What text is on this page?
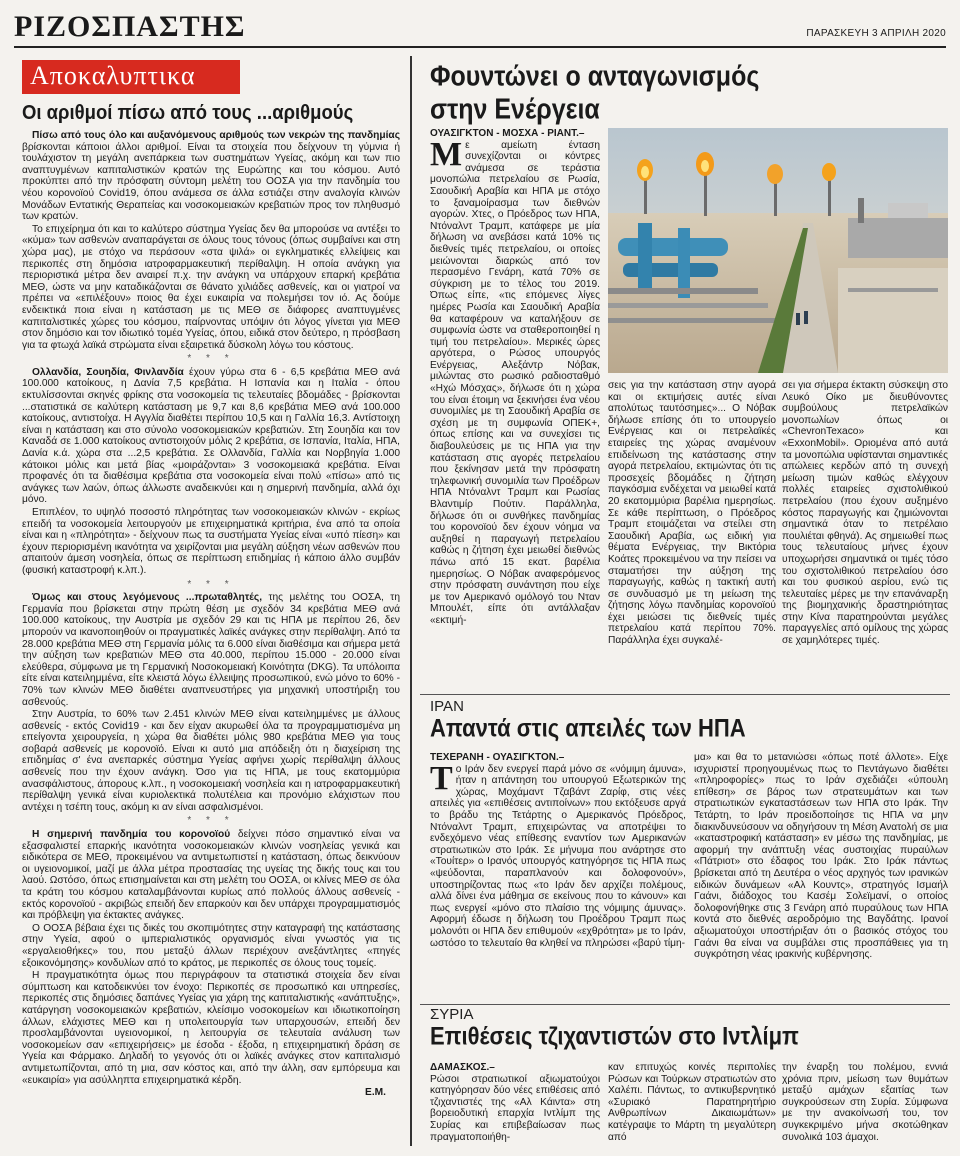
ΡΙΖΟΣΠΑΣΤΗΣ	ΠΑΡΑΣΚΕΥΗ 3 ΑΠΡΙΛΗ 2020
Αποκαλυπτικα
Οι αριθμοί πίσω από τους ...αριθμούς

Πίσω από τους όλο και αυξανόμενους αριθμούς των νεκρών της πανδημίας βρίσκονται κάποιοι άλλοι αριθμοί. Είναι τα στοιχεία που δείχνουν τη γύμνια ή τουλάχιστον τη μεγάλη ανεπάρκεια των συστημάτων Υγείας, ακόμη και των πιο αναπτυγμένων καπιταλιστικών κρατών της Ευρώπης και του κόσμου. Αυτό προκύπτει από την πρόσφατη σύντομη μελέτη του ΟΟΣΑ για την πανδημία του νέου κορονοϊού Covid19, όπου ανάμεσα σε άλλα εστιάζει στην αναλογία κλινών Μονάδων Εντατικής Θεραπείας και νοσοκομειακών κρεβατιών προς τον πληθυσμό των κρατών.

Το επιχείρημα ότι και το καλύτερο σύστημα Υγείας δεν θα μπορούσε να αντέξει το «κύμα» των ασθενών αναπαράγεται σε όλους τους τόνους (όπως συμβαίνει και στη χώρα μας), με στόχο να περάσουν «στα ψιλά» οι εγκληματικές ελλείψεις και περικοπές στη δημόσια ιατροφαρμακευτική περίθαλψη. Η οποία ανάγκη για περιοριστικά μέτρα δεν αναιρεί π.χ. την ανάγκη να υπάρχουν επαρκή κρεβάτια ΜΕΘ, ώστε να μην καταδικάζονται σε θάνατο χιλιάδες ασθενείς, και οι γιατροί να πρέπει να «επιλέξουν» ποιος θα έχει ευκαιρία να πολεμήσει τον ιό. Ας δούμε ενδεικτικά ποια είναι η κατάσταση με τις ΜΕΘ σε διάφορες αναπτυγμένες καπιταλιστικές χώρες του κόσμου, παίρνοντας υπόψιν ότι λόγος γίνεται για ΜΕΘ στον δημόσιο και τον ιδιωτικό τομέα Υγείας, όπου, ειδικά στον δεύτερο, η πρόσβαση για τα φτωχά λαϊκά στρώματα είναι εξαιρετικά δύσκολη λόγω του κόστους.

* * *

Ολλανδία, Σουηδία, Φινλανδία έχουν γύρω στα 6 - 6,5 κρεβάτια ΜΕΘ ανά 100.000 κατοίκους, η Δανία 7,5 κρεβάτια. Η Ισπανία και η Ιταλία - όπου εκτυλίσσονται σκηνές φρίκης στα νοσοκομεία τις τελευταίες βδομάδες - βρίσκονται ...στατιστικά σε καλύτερη κατάσταση με 9,7 και 8,6 κρεβάτια ΜΕΘ ανά 100.000 κατοίκους, αντιστοίχα. Η Αγγλία διαθέτει περίπου 10,5 και η Γαλλία 16,3. Αντίστοιχη είναι η κατάσταση και στο σύνολο νοσοκομειακών κρεβατιών. Στη Σουηδία και τον Καναδά σε 1.000 κατοίκους αντιστοιχούν μόλις 2 κρεβάτια, σε Ισπανία, Ιταλία, ΗΠΑ, Δανία κ.ά. χώρα στα ...2,5 κρεβάτια. Σε Ολλανδία, Γαλλία και Νορβηγία 1.000 κάτοικοι μόλις και μετά βίας «μοιράζονται» 3 νοσοκομειακά κρεβάτια. Είναι προφανές ότι τα διαθέσιμα κρεβάτια στα νοσοκομεία είναι πολύ «πίσω» από τις ανάγκες των λαών, όπως άλλωστε αναδεικνύει και η σημερινή πανδημία, αλλά όχι μόνο.

Επιπλέον, το υψηλό ποσοστό πληρότητας των νοσοκομειακών κλινών - εκρίως επειδή τα νοσοκομεία λειτουργούν με επιχειρηματικά κριτήρια, ένα από τα οποία είναι και η «πληρότητα» - δείχνουν πως τα συστήματα Υγείας είναι «υπό πίεση» και έχουν περιορισμένη ικανότητα να χειρίζονται μια μεγάλη αύξηση νέων ασθενών που απαιτούν άμεση νοσηλεία, όπως σε περίπτωση επιδημίας ή κάποιο άλλο συμβάν (φυσική καταστροφή κ.λπ.).

* * *

Όμως και στους λεγόμενους ...πρωταθλητές, της μελέτης του ΟΟΣΑ, τη Γερμανία που βρίσκεται στην πρώτη θέση με σχεδόν 34 κρεβάτια ΜΕΘ ανά 100.000 κατοίκους, την Αυστρία με σχεδόν 29 και τις ΗΠΑ με περίπου 26, δεν μπορούν να ικανοποιηθούν οι πραγματικές λαϊκές ανάγκες στην περίθαλψη. Από τα 28.000 κρεβάτια ΜΕΘ στη Γερμανία μόλις τα 6.000 είναι διαθέσιμα και σήμερα μετά την αύξηση των κρεβατιών ΜΕΘ στα 40.000, περίπου 15.000 - 20.000 είναι ελεύθερα, σύμφωνα με τη Γερμανική Νοσοκομειακή Κοινότητα (DKG). Τα υπόλοιπα είτε είναι κατειλημμένα, είτε κλειστά λόγω έλλειψης προσωπικού, ενώ μόνο το 60% - 70% των κλινών ΜΕΘ διαθέτει αναπνευστήρες για μηχανική υποστήριξη του ασθενούς.

Στην Αυστρία, το 60% των 2.451 κλινών ΜΕΘ είναι κατειλημμένες με άλλους ασθενείς - εκτός Covid19 - και δεν είχαν ακυρωθεί όλα τα προγραμματισμένα μη επείγοντα χειρουργεία, η χώρα θα διαθέτει μόλις 980 κρεβάτια ΜΕΘ για τους σοβαρά ασθενείς με κορονοϊό. Είναι κι αυτό μια απόδειξη ότι η διαχείριση της επιδημίας σ' ένα ανεπαρκές σύστημα Υγείας αφήνει χωρίς περίθαλψη άλλους ασθενείς που την έχουν ανάγκη. Όσο για τις ΗΠΑ, με τους εκατομμύρια ανασφάλιστους, άπορους κ.λπ., η νοσοκομειακή νοσηλεία και η ιατροφαρμακευτική περίθαλψη γενικά είναι κυριολεκτικά πολυτέλεια και προνόμιο ελάχιστων που αντέχει η τσέπη τους, ακόμη κι αν είναι ασφαλισμένοι.

* * *

Η σημερινή πανδημία του κορονοϊού δείχνει πόσο σημαντικό είναι να εξασφαλιστεί επαρκής ικανότητα νοσοκομειακών κλινών νοσηλείας γενικά και ειδικότερα σε ΜΕΘ, προκειμένου να αντιμετωπιστεί η κατάσταση, όπως δεικνύουν οι υγειονομικοί, μαζί με άλλα μέτρα προστασίας της υγείας της δικής τους και του λαού. Ωστόσο, όπως επισημαίνεται και στη μελέτη του ΟΟΣΑ, οι κλίνες ΜΕΘ σε όλα τα κράτη του κόσμου καταλαμβάνονται κυρίως από πολλούς άλλους ασθενείς - εκτός κορονοϊού - ακριβώς επειδή δεν επαρκούν και δεν υπάρχει προγραμματισμός και πρόβλεψη για έκτακτες ανάγκες.

Ο ΟΟΣΑ βέβαια έχει τις δικές του σκοπιμότητες στην καταγραφή της κατάστασης στην Υγεία, αφού ο ιμπεριαλιστικός οργανισμός είναι γνωστός για τις «εργαλειοθήκες» του, που μεταξύ άλλων περιέχουν ανεξάντλητες «πηγές εξοικονόμησης» κονδυλίων από το κράτος, με περικοπές σε όλους τους τομείς.

Η πραγματικότητα όμως που περιγράφουν τα στατιστικά στοιχεία δεν είναι σύμπτωση και κατοδεικνύει τον ένοχο: Περικοπές σε προσωπικό και υπηρεσίες, περικοπές στις δημόσιες δαπάνες Υγείας για χάρη της καπιταλιστικής «ανάπτυξης», κατάργηση νοσοκομειακών κρεβατιών, κλείσιμο νοσοκομείων και ιδιωτικοποίηση άλλων, ελάχιστες ΜΕΘ και η υπολειτουργία των υπαρχουσών, επειδή δεν προσλαμβάνονται υγειονομικοί, η λειτουργία σε τελευταία ανάλυση των νοσοκομείων σαν «επιχειρήσεις» με έσοδα - έξοδα, η επιχειρηματική δράση σε Υγεία και Φάρμακο. Δηλαδή το γεγονός ότι οι λαϊκές ανάγκες στον καπιταλισμό αντιμετωπίζονται, από τη μια, σαν κόστος και, από την άλλη, σαν εμπόρευμα και «ευκαιρία» για ασύλληπτα επιχειρηματικά κέρδη.

Ε.Μ.
Φουντώνει ο ανταγωνισμός
στην Ενέργεια
ΟΥΑΣΙΓΚΤΟΝ - ΜΟΣΧΑ - ΡΙΑΝΤ.–
Μ ε αμείωτη ένταση συνεχίζονται οι κόντρες ανάμεσα σε τεράστια μονοπώλια πετρελαίου σε Ρωσία, Σαουδική Αραβία και ΗΠΑ με στόχο το ξαναμοίρασμα των διεθνών αγορών. Χτες, ο Πρόεδρος των ΗΠΑ, Ντόναλντ Τραμπ, κατάφερε με μία δήλωση να ανεβάσει κατά 10% τις διεθνείς τιμές πετρελαίου, οι οποίες μειώνονται διαρκώς από τον περασμένο Γενάρη, κατά 70% σε σύγκριση με το τέλος του 2019. Όπως είπε, «τις επόμενες λίγες ημέρες Ρωσία και Σαουδική Αραβία θα καταφέρουν να καταλήξουν σε συμφωνία ώστε να σταθεροποιηθεί η τιμή του πετρελαίου». Μερικές ώρες αργότερα, ο Ρώσος υπουργός Ενέργειας, Αλεξάντρ Νόβακ, μιλώντας στο ρωσικό ραδιοσταθμό «Ηχώ Μόσχας», δήλωσε ότι η χώρα του είναι έτοιμη να ξεκινήσει ένα νέου συνομιλίες με τη Σαουδική Αραβία σε σχέση με τη συμφωνία ΟΠΕΚ+, όπως επίσης και να συνεχίσει τις διαβουλεύσεις με τις ΗΠΑ για την κατάσταση στις αγορές πετρελαίου που ξεκίνησαν μετά την πρόσφατη τηλεφωνική συνομιλία των Προέδρων ΗΠΑ Ντόναλντ Τραμπ και Ρωσίας Βλαντιμίρ Πούτιν. Παράλληλα, δήλωσε ότι οι συνθήκες πανδημίας του κορονοϊού δεν έχουν νόημα να αυξηθεί η παραγωγή πετρελαίου καθώς η ζήτηση έχει μειωθεί διεθνώς πάνω από 15 εκατ. βαρέλια ημερησίως. Ο Νόβακ αναφερόμενος στην πρόσφατη συνάντηση που είχε με τον Αμερικανό ομόλογό του Νταν Μπουλέτ, είπε ότι αντάλλαξαν «εκτιμή-
σεις για την κατάσταση στην αγορά και οι εκτιμήσεις αυτές είναι απολύτως ταυτόσημες»... Ο Νόβακ δήλωσε επίσης ότι το υπουργείο Ενέργειας και οι πετρελαϊκές εταιρείες της χώρας αναμένουν επιδείνωση της κατάστασης στην αγορά πετρελαίου, εκτιμώντας ότι τις προσεχείς βδομάδες η ζήτηση παγκόσμια ενδέχεται να μειωθεί κατά 20 εκατομμύρια βαρέλια ημερησίως. Σε κάθε περίπτωση, ο Πρόεδρος Τραμπ ετοιμάζεται να στείλει στη Σαουδική Αραβία, ως ειδική για θέματα Ενέργειας, την Βικτόρια Κοάτες προκειμένου να την πείσει να σταματήσει την αύξηση της παραγωγής, καθώς η τακτική αυτή σε συνδυασμό με τη μείωση της ζήτησης λόγω πανδημίας κορονοϊού έχει μειώσει τις διεθνείς τιμές πετρελαίου κατά περίπου 70%. Παράλληλα έχει συγκαλέ-
σει για σήμερα έκτακτη σύσκεψη στο Λευκό Οίκο με διευθύνοντες συμβούλους πετρελαϊκών μονοπωλίων όπως οι «ChevronTexaco» και «ExxonMobil». Οριομένα από αυτά τα μονοπώλια υφίστανται σημαντικές απώλειες κερδών από τη συνεχή μείωση τιμών καθώς ελέγχουν πολλές εταιρείες σχιστολιθικού πετρελαίου (που έχουν αυξημένο κόστος παραγωγής και ζημιώνονται σημαντικά όταν το πετρέλαιο πουλιέται φθηνά). Ας σημειωθεί πως τους τελευταίους μήνες έχουν υποχωρήσει σημαντικά οι τιμές τόσο του σχιστολιθικού πετρελαίου όσο και του φυσικού αερίου, ενώ τις τελευταίες μέρες με την επανάναρξη της βιομηχανικής δραστηριότητας στην Κίνα παρατηρούνται μεγάλες παραγγελίες από ομίλους της χώρας σε χαμηλότερες τιμές.
ΙΡΑΝ
Απαντά στις απειλές των ΗΠΑ
ΤΕΧΕΡΑΝΗ - ΟΥΑΣΙΓΚΤΟΝ.–
Τ ο Ιράν δεν ενεργεί παρά μόνο σε «νόμιμη άμυνα», ήταν η απάντηση του υπουργού Εξωτερικών της χώρας, Μοχάμαντ Τζαβάντ Ζαρίφ, στις νέες απειλές για «επιθέσεις αντιποίνων» που εκτόξευσε αργά το βράδυ της Τετάρτης ο Αμερικανός Πρόεδρος, Ντόναλντ Τραμπ, επιχειρώντας να αποτρέψει το ενδεχόμενο νέας επίθεσης εναντίον των Αμερικανών στρατιωτικών στο Ιράκ. Σε μήνυμα που ανάρτησε στο «Τουίτερ» ο Ιρανός υπουργός κατηγόρησε τις ΗΠΑ πως «ψεύδονται, παραπλανούν και δολοφονούν», υποστηρίζοντας πως «το Ιράν δεν αρχίζει πολέμους, αλλά δίνει ένα μάθημα σε εκείνους που το κάνουν» και πως ενεργεί «μόνο στο πλαίσιο της νόμιμης άμυνας». Αφορμή έδωσε η δήλωση του Προέδρου Τραμπ πως μολονότι οι ΗΠΑ δεν επιθυμούν «εχθρότητα» με το Ιράν, ωστόσο το τελευταίο θα κληθεί να πληρώσει «βαρύ τίμη-
μα» και θα το μετανιώσει «όπως ποτέ άλλοτε». Είχε ισχυριστεί προηγουμένως πως το Πεντάγωνο διαθέτει «πληροφορίες» πως το Ιράν σχεδιάζει «ύπουλη επίθεση» σε βάρος των στρατευμάτων και των στρατιωτικών εγκαταστάσεων των ΗΠΑ στο Ιράκ. Την Τετάρτη, το Ιράν προειδοποίησε τις ΗΠΑ να μην διακινδυνεύσουν να οδηγήσουν τη Μέση Ανατολή σε μια «καταστροφική κατάσταση» εν μέσω της πανδημίας, με αφορμή την ανάπτυξη νέας συστοιχίας πυραύλων «Πάτριοτ» στο έδαφος του Ιράκ. Στο Ιράκ πάντως βρίσκεται από τη Δευτέρα ο νέος αρχηγός των ιρανικών ειδικών δυνάμεων «Αλ Κουντς», στρατηγός Ισμαήλ Γαάνι, διάδοχος του Κασέμ Σολεϊμανί, ο οποίος δολοφονήθηκε στις 3 Γενάρη από πυραύλους των ΗΠΑ κοντά στο διεθνές αεροδρόμιο της Βαγδάτης. Ιρανοί αξιωματούχοι υποστήριξαν ότι ο βασικός στόχος του Γαάνι θα είναι να συμβάλει στις προσπάθειες για τη συγκρότηση νέας ιρακινής κυβέρνησης.
ΣΥΡΙΑ
Επιθέσεις τζιχαντιστών στο Ιντλίμπ
ΔΑΜΑΣΚΟΣ.–
Ρώσοι στρατιωτικοί αξιωματούχοι κατηγόρησαν δύο νέες επιθέσεις από τζιχαντιστές της «Αλ Κάιντα» στη βορειοδυτική επαρχία Ιντλίμπ της Συρίας και επιβεβαίωσαν πως πραγματοποιήθη-
καν επιτυχώς κοινές περιπολίες Ρώσων και Τούρκων στρατιωτών στο Χαλέπι. Πάντως, το αντικυβερνητικό «Συριακό Παρατηρητήριο Ανθρωπίνων Δικαιωμάτων» κατέγραψε το Μάρτη τη μεγαλύτερη από
την έναρξη του πολέμου, εννιά χρόνια πριν, μείωση των θυμάτων μεταξύ αμάχων εξαιτίας των συγκρούσεων στη Συρία. Σύμφωνα με την ανακοίνωσή του, τον συγκεκριμένο μήνα σκοτώθηκαν συνολικά 103 άμαχοι.
